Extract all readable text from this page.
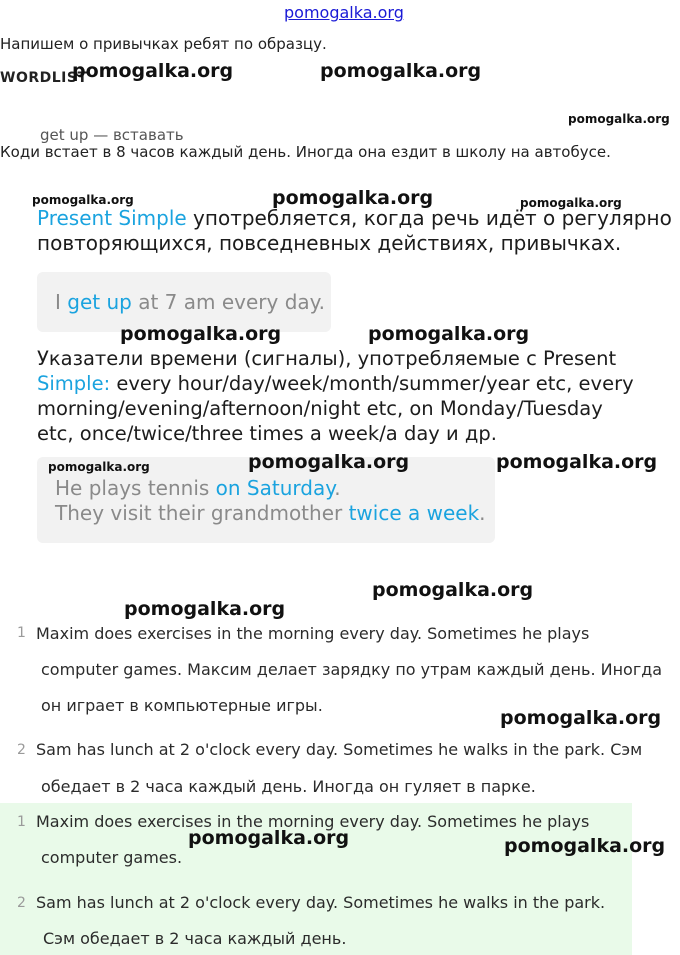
pomogalka.org
Напишем о привычках ребят по образцу.
WORDLIST
get up — вставать
Коди встает в 8 часов каждый день. Иногда она ездит в школу на автобусе.
Present Simple употребляется, когда речь идёт о регулярно
повторяющихся, повседневных действиях, привычках.
I get up at 7 am every day.
Указатели времени (сигналы), употребляемые с Present
Simple: every hour/day/week/month/summer/year etc, every
morning/evening/afternoon/night etc, on Monday/Tuesday
etc, once/twice/three times a week/a day и др.
He plays tennis on Saturday.
They visit their grandmother twice a week.
1 Maxim does exercises in the morning every day. Sometimes he plays
computer games. Максим делает зарядку по утрам каждый день. Иногда
он играет в компьютерные игры.
2 Sam has lunch at 2 o'clock every day. Sometimes he walks in the park. Сэм
обедает в 2 часа каждый день. Иногда он гуляет в парке.
1 Maxim does exercises in the morning every day. Sometimes he plays
computer games.
2 Sam has lunch at 2 o'clock every day. Sometimes he walks in the park.
Сэм обедает в 2 часа каждый день.
pomogalka.org	pomogalka.org
pomogalka.org
pomogalka.org	pomogalka.org	pomogalka.org
pomogalka.org	pomogalka.org
pomogalka.org	pomogalka.org	pomogalka.org
pomogalka.org
pomogalka.org
pomogalka.org
pomogalka.org	pomogalka.org
